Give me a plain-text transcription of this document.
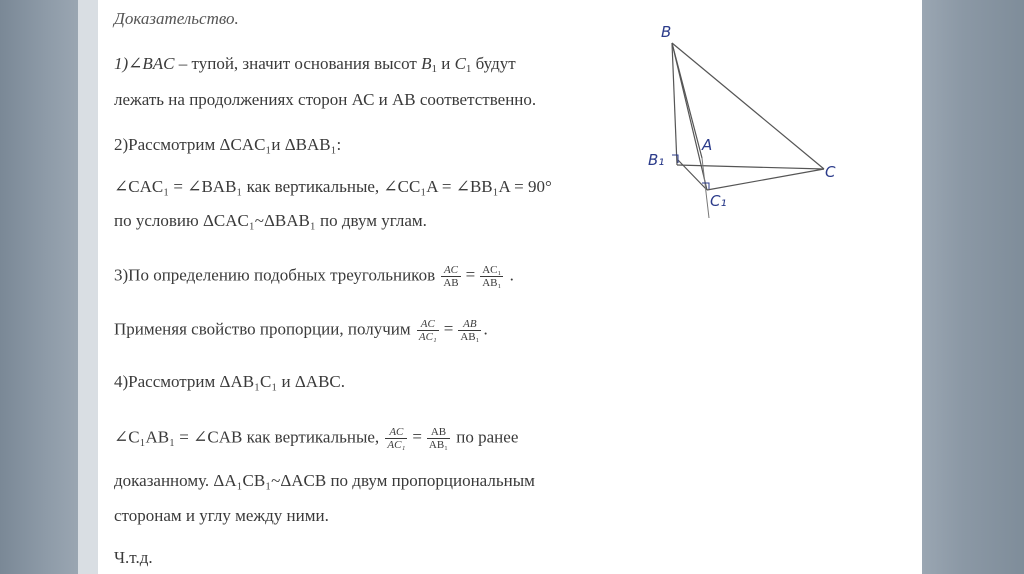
Доказательство.
1)∠BAC – тупой, значит основания высот $B_1$ и $C_1$ будут
лежать на продолжениях сторон АС и АВ соответственно.
2)Рассмотрим ΔCAC₁и ΔBAB₁:
∠CAC₁ = ∠BAB₁ как вертикальные, ∠CC₁A = ∠BB₁A = 90°
по условию ΔCAC₁~ΔBAB₁ по двум углам.
3)По определению подобных треугольников $\frac{AC}{AB} = \frac{\text{AC₁}}{\text{AB₁}}$ .
Применяя свойство пропорции, получим $\frac{AC}{\text{AC₁}} = \frac{AB}{\text{AB₁}}$ .
4)Рассмотрим ΔAB₁C₁ и ΔABC.
∠C₁AB₁ = ∠CAB как вертикальные, $\frac{AC}{\text{AC₁}} = \frac{AB}{\text{AB₁}}$ по ранее
доказанному. ΔA₁CB₁~ΔACB по двум пропорциональным
сторонам и углу между ними.
Ч.т.д.
B
A
C
B₁
C₁
